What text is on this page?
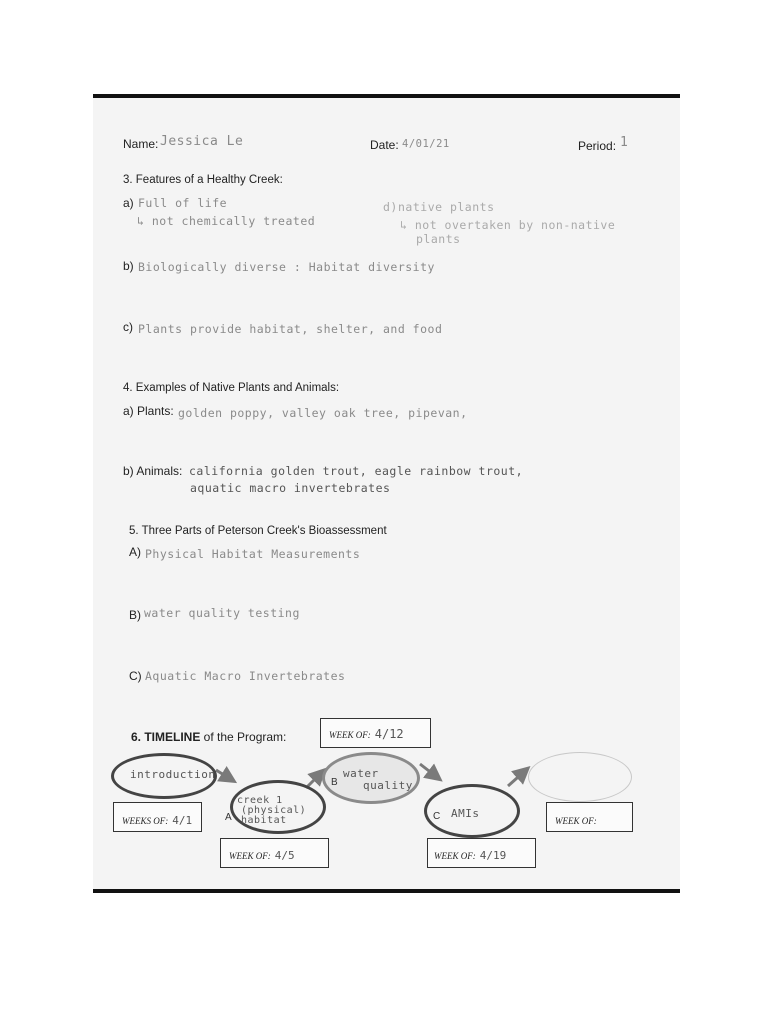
Name: Jessica Le	Date: 4/01/21	Period: 1
3. Features of a Healthy Creek:
a) Full of life
↳ not chemically treated
d) native plants
↳ not overtaken by non-native
plants
b) Biologically diverse : Habitat diversity
c) Plants provide habitat, shelter, and food
4. Examples of Native Plants and Animals:
a) Plants: golden poppy, valley oak tree, pipevan,
b) Animals: california golden trout, eagle rainbow trout,
aquatic macro invertebrates
5. Three Parts of Peterson Creek's Bioassessment
A) Physical Habitat Measurements
B) water quality testing
C) Aquatic Macro Invertebrates
6. TIMELINE of the Program:
introduction
A
creek 1
(physical)
habitat
B
water
quality
C AMIs
WEEKS OF: 4/1
WEEK OF: 4/5
WEEK OF: 4/12
WEEK OF: 4/19
WEEK OF:
